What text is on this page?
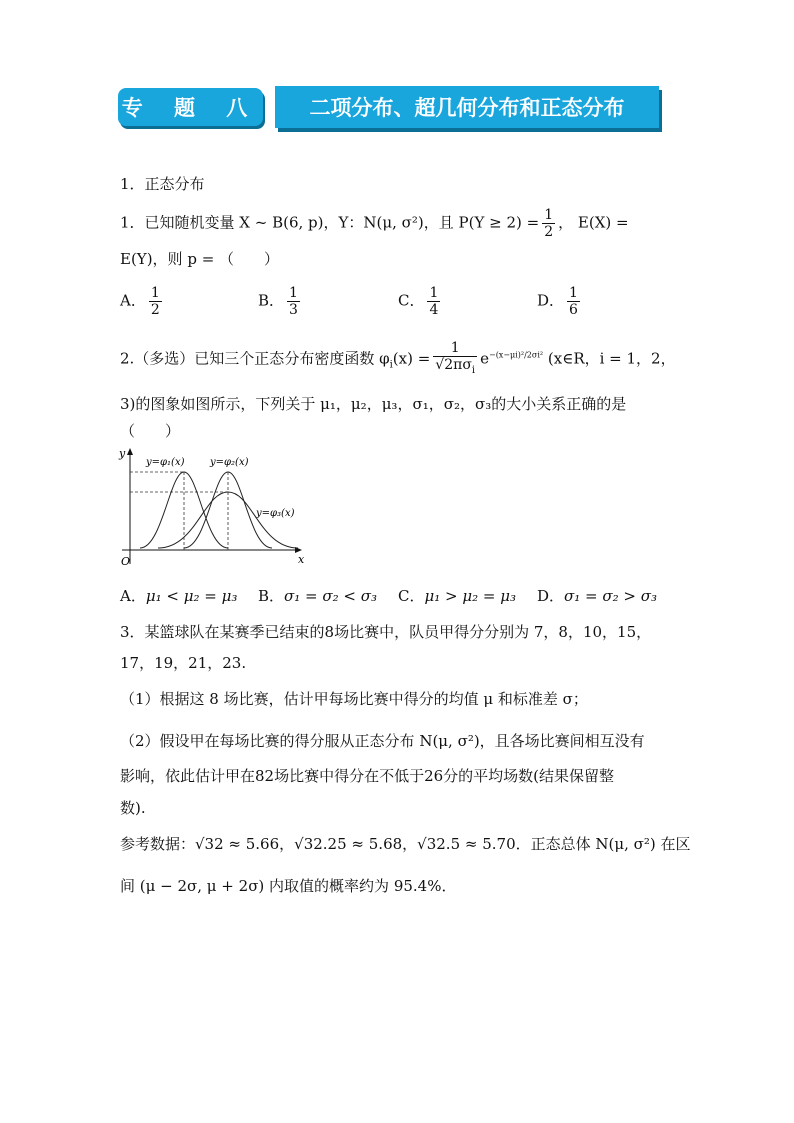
专 题 八 二项分布、超几何分布和正态分布
1．正态分布
1．已知随机变量 X ~ B(6, p)，Y：N(μ, σ²)，且 $P(Y \ge 2) = \frac{1}{2}$ ， E(X) =
E(Y)，则 p = （　　）
A． $\frac{1}{2}$	B． $\frac{1}{3}$	C． $\frac{1}{4}$	D． $\frac{1}{6}$
2.（多选）已知三个正态分布密度函数 $\varphi_i(x) = \frac{1}{√2\pi\sigma_i} e^{-(x-\mu i)^2/2\sigma i^2}$ (x∈R，i = 1，2，
3)的图象如图所示，下列关于 μ₁，μ₂，μ₃，σ₁，σ₂，σ₃的大小关系正确的是
（　　）
y
x
O
y=φ₁(x)	y=φ₂(x)
y=φ₃(x)
A．μ₁ < μ₂ = μ₃ B．σ₁ = σ₂ < σ₃ C．μ₁ > μ₂ = μ₃ D．σ₁ = σ₂ > σ₃
3．某篮球队在某赛季已结束的8场比赛中，队员甲得分分别为 7，8，10，15，
17，19，21，23.
（1）根据这 8 场比赛，估计甲每场比赛中得分的均值 μ 和标准差 σ；
（2）假设甲在每场比赛的得分服从正态分布 N(μ, σ²)，且各场比赛间相互没有
影响，依此估计甲在82场比赛中得分在不低于26分的平均场数(结果保留整
数).
参考数据：√32 ≈ 5.66，√32.25 ≈ 5.68，√32.5 ≈ 5.70．正态总体 N(μ, σ²) 在区
间 (μ − 2σ, μ + 2σ) 内取值的概率约为 95.4%．
